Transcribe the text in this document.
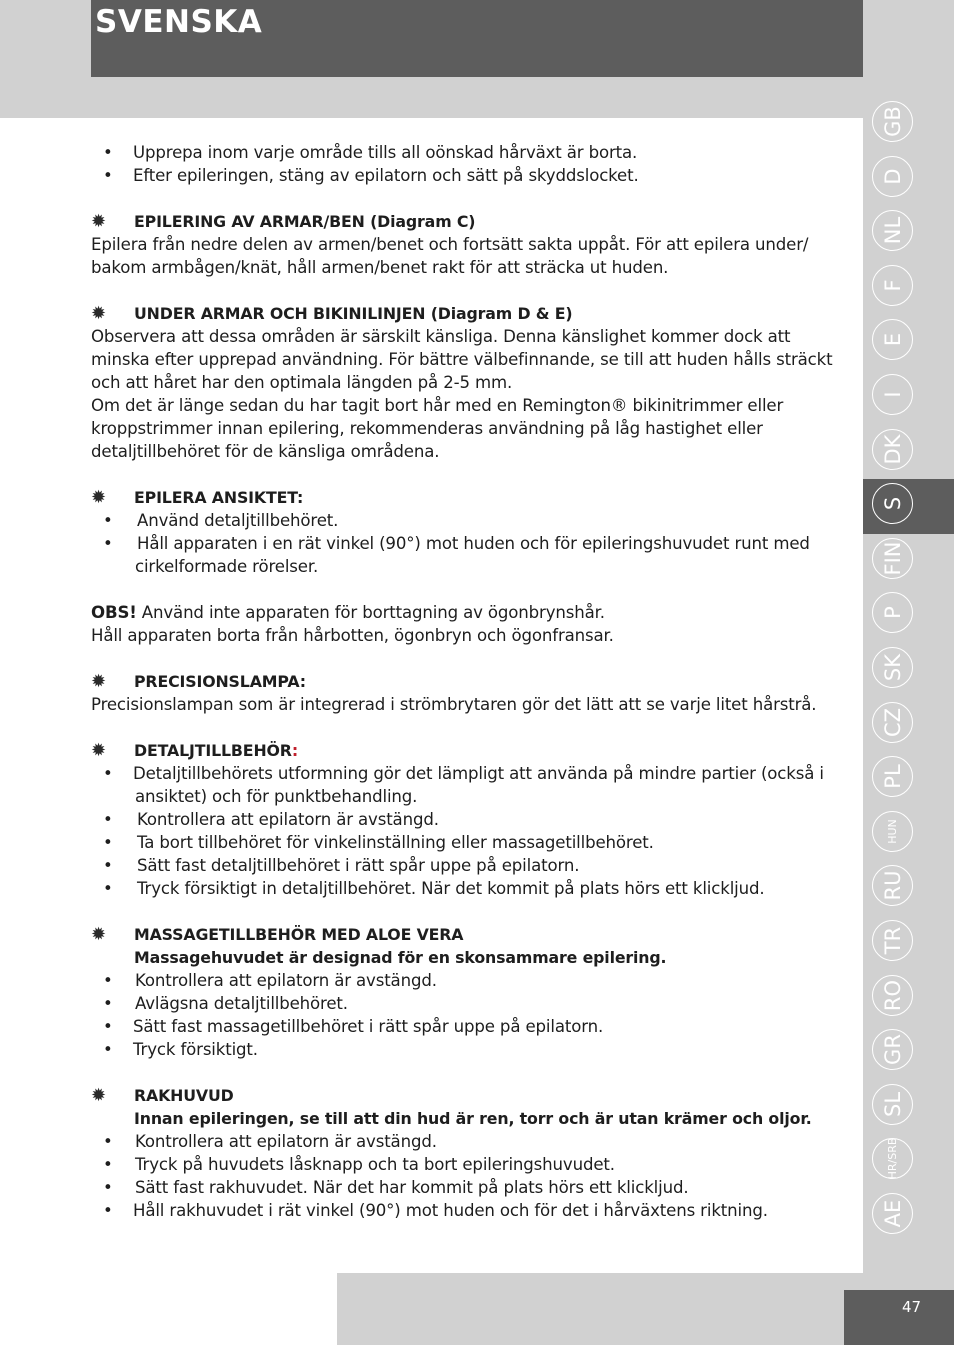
SVENSKA
• Upprepa inom varje område tills all oönskad hårväxt är borta.
• Efter epileringen, stäng av epilatorn och sätt på skyddslocket.
✹ EPILERING AV ARMAR/BEN (Diagram C)
Epilera från nedre delen av armen/benet och fortsätt sakta uppåt. För att epilera under/
bakom armbågen/knät, håll armen/benet rakt för att sträcka ut huden.
✹ UNDER ARMAR OCH BIKINILINJEN (Diagram D & E)
Observera att dessa områden är särskilt känsliga. Denna känslighet kommer dock att
minska efter upprepad användning. För bättre välbefinnande, se till att huden hålls sträckt
och att håret har den optimala längden på 2-5 mm.
Om det är länge sedan du har tagit bort hår med en Remington® bikinitrimmer eller
kroppstrimmer innan epilering, rekommenderas användning på låg hastighet eller
detaljtillbehöret för de känsliga områdena.
✹ EPILERA ANSIKTET:
• Använd detaljtillbehöret.
• Håll apparaten i en rät vinkel (90°) mot huden och för epileringshuvudet runt med
cirkelformade rörelser.
OBS! Använd inte apparaten för borttagning av ögonbrynshår.
Håll apparaten borta från hårbotten, ögonbryn och ögonfransar.
✹ PRECISIONSLAMPA:
Precisionslampan som är integrerad i strömbrytaren gör det lätt att se varje litet hårstrå.
✹ DETALJTILLBEHÖR:
• Detaljtillbehörets utformning gör det lämpligt att använda på mindre partier (också i
ansiktet) och för punktbehandling.
• Kontrollera att epilatorn är avstängd.
• Ta bort tillbehöret för vinkelinställning eller massagetillbehöret.
• Sätt fast detaljtillbehöret i rätt spår uppe på epilatorn.
• Tryck försiktigt in detaljtillbehöret. När det kommit på plats hörs ett klickljud.
✹ MASSAGETILLBEHÖR MED ALOE VERA
Massagehuvudet är designad för en skonsammare epilering.
• Kontrollera att epilatorn är avstängd.
• Avlägsna detaljtillbehöret.
• Sätt fast massagetillbehöret i rätt spår uppe på epilatorn.
• Tryck försiktigt.
✹ RAKHUVUD
Innan epileringen, se till att din hud är ren, torr och är utan krämer och oljor.
• Kontrollera att epilatorn är avstängd.
• Tryck på huvudets låsknapp och ta bort epileringshuvudet.
• Sätt fast rakhuvudet. När det har kommit på plats hörs ett klickljud.
• Håll rakhuvudet i rät vinkel (90°) mot huden och för det i hårväxtens riktning.
GB
D
NL
F
E
I
DK
S
FIN
P
SK
CZ
PL
HUN
RU
TR
RO
GR
SL
HR/SRB
AE
47
